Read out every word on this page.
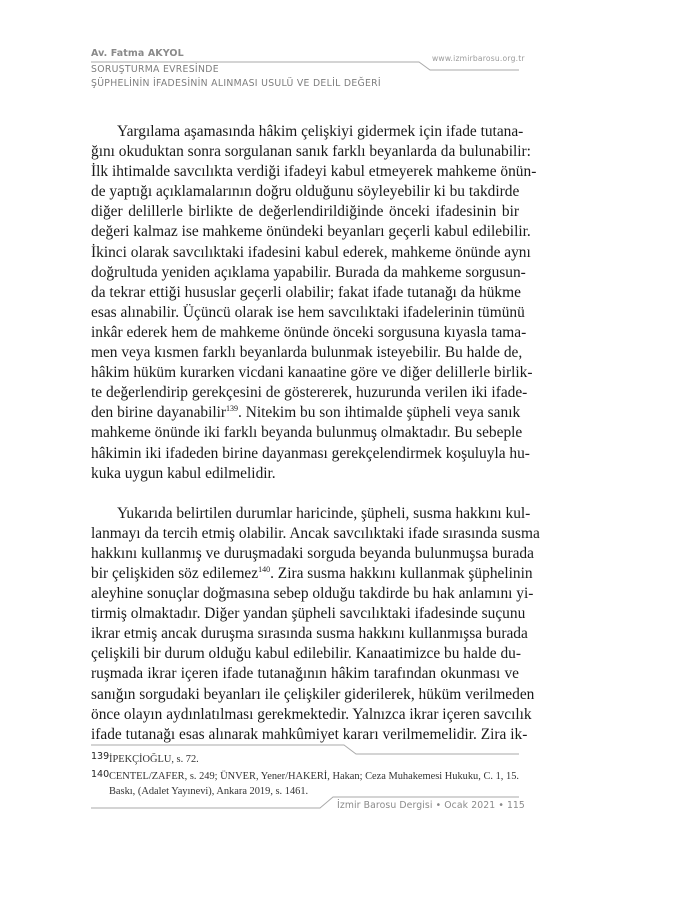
Av. Fatma AKYOL
SORUŞTURMA EVRESİNDE
ŞÜPHELİNİN İFADESİNİN ALINMASI USULÜ VE DELİL DEĞERİ
www.izmirbarosu.org.tr
Yargılama aşamasında hâkim çelişkiyi gidermek için ifade tutana-
ğını okuduktan sonra sorgulanan sanık farklı beyanlarda da bulunabilir:
İlk ihtimalde savcılıkta verdiği ifadeyi kabul etmeyerek mahkeme önün-
de yaptığı açıklamalarının doğru olduğunu söyleyebilir ki bu takdirde
diğer delillerle birlikte de değerlendirildiğinde önceki ifadesinin bir
değeri kalmaz ise mahkeme önündeki beyanları geçerli kabul edilebilir.
İkinci olarak savcılıktaki ifadesini kabul ederek, mahkeme önünde aynı
doğrultuda yeniden açıklama yapabilir. Burada da mahkeme sorgusun-
da tekrar ettiği hususlar geçerli olabilir; fakat ifade tutanağı da hükme
esas alınabilir. Üçüncü olarak ise hem savcılıktaki ifadelerinin tümünü
inkâr ederek hem de mahkeme önünde önceki sorgusuna kıyasla tama-
men veya kısmen farklı beyanlarda bulunmak isteyebilir. Bu halde de,
hâkim hüküm kurarken vicdani kanaatine göre ve diğer delillerle birlik-
te değerlendirip gerekçesini de göstererek, huzurunda verilen iki ifade-
den birine dayanabilir$^{139}$. Nitekim bu son ihtimalde şüpheli veya sanık
mahkeme önünde iki farklı beyanda bulunmuş olmaktadır. Bu sebeple
hâkimin iki ifadeden birine dayanması gerekçelendirmek koşuluyla hu-
kuka uygun kabul edilmelidir.
Yukarıda belirtilen durumlar haricinde, şüpheli, susma hakkını kul-
lanmayı da tercih etmiş olabilir. Ancak savcılıktaki ifade sırasında susma
hakkını kullanmış ve duruşmadaki sorguda beyanda bulunmuşsa burada
bir çelişkiden söz edilemez$^{140}$. Zira susma hakkını kullanmak şüphelinin
aleyhine sonuçlar doğmasına sebep olduğu takdirde bu hak anlamını yi-
tirmiş olmaktadır. Diğer yandan şüpheli savcılıktaki ifadesinde suçunu
ikrar etmiş ancak duruşma sırasında susma hakkını kullanmışsa burada
çelişkili bir durum olduğu kabul edilebilir. Kanaatimizce bu halde du-
ruşmada ikrar içeren ifade tutanağının hâkim tarafından okunması ve
sanığın sorgudaki beyanları ile çelişkiler giderilerek, hüküm verilmeden
önce olayın aydınlatılması gerekmektedir. Yalnızca ikrar içeren savcılık
ifade tutanağı esas alınarak mahkûmiyet kararı verilmemelidir. Zira ik-
139 İPEKÇİOĞLU, s. 72.
140 CENTEL/ZAFER, s. 249; ÜNVER, Yener/HAKERİ, Hakan; Ceza Muhakemesi Hukuku, C. 1, 15. Baskı, (Adalet Yayınevi), Ankara 2019, s. 1461.
İzmir Barosu Dergisi • Ocak 2021 • 115
